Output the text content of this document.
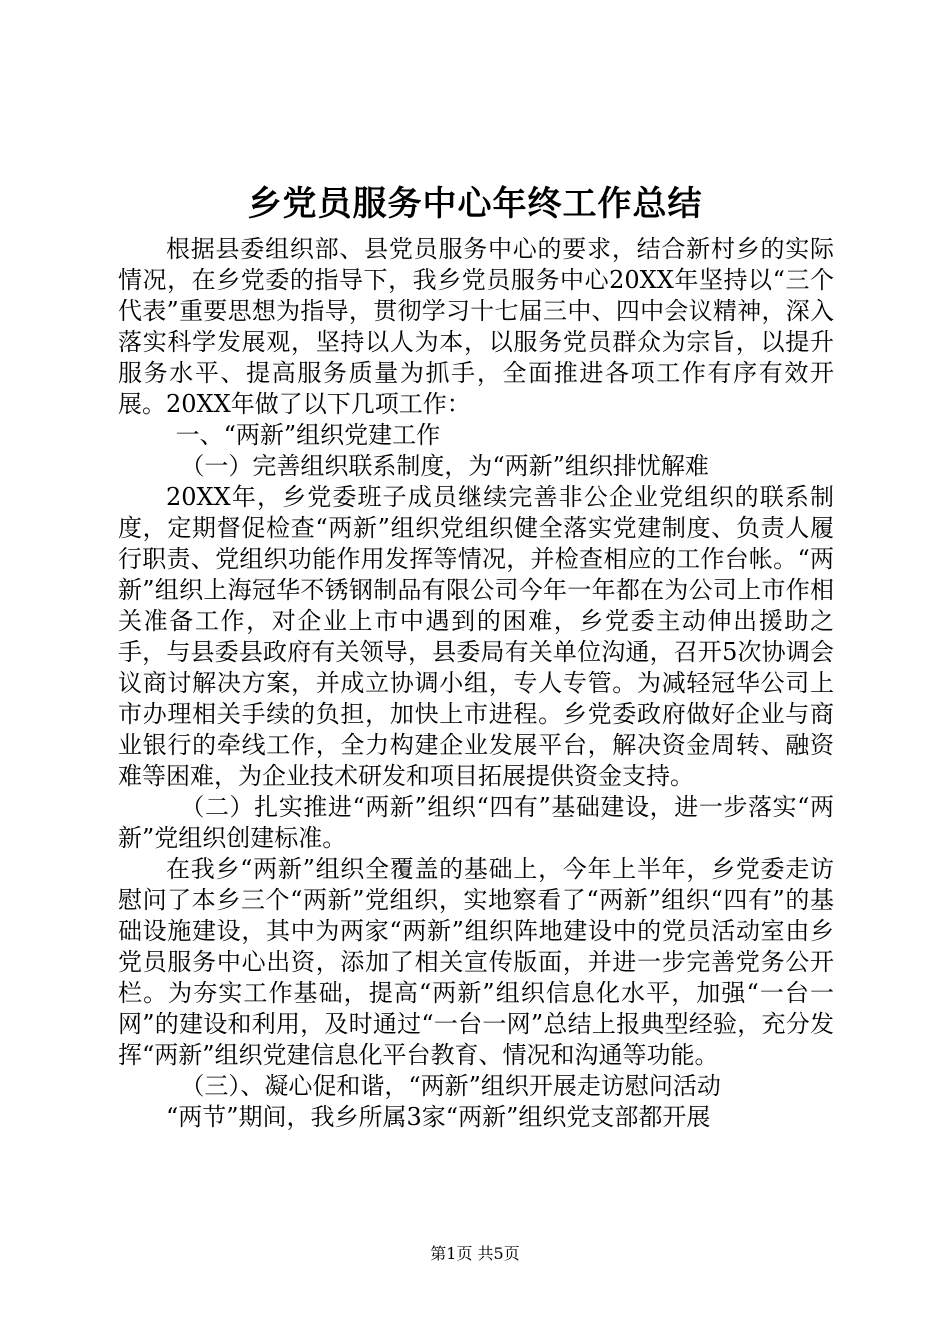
乡党员服务中心年终工作总结

根据县委组织部、县党员服务中心的要求，结合新村乡的实际情况，在乡党委的指导下，我乡党员服务中心20XX年坚持以“三个代表”重要思想为指导，贯彻学习十七届三中、四中会议精神，深入落实科学发展观，坚持以人为本，以服务党员群众为宗旨，以提升服务水平、提高服务质量为抓手，全面推进各项工作有序有效开展。20XX年做了以下几项工作：

一、“两新”组织党建工作

（一）完善组织联系制度，为“两新”组织排忧解难

20XX年，乡党委班子成员继续完善非公企业党组织的联系制度，定期督促检查“两新”组织党组织健全落实党建制度、负责人履行职责、党组织功能作用发挥等情况，并检查相应的工作台帐。“两新”组织上海冠华不锈钢制品有限公司今年一年都在为公司上市作相关准备工作，对企业上市中遇到的困难，乡党委主动伸出援助之手，与县委县政府有关领导，县委局有关单位沟通，召开5次协调会议商讨解决方案，并成立协调小组，专人专管。为减轻冠华公司上市办理相关手续的负担，加快上市进程。乡党委政府做好企业与商业银行的牵线工作，全力构建企业发展平台，解决资金周转、融资难等困难，为企业技术研发和项目拓展提供资金支持。

（二）扎实推进“两新”组织“四有”基础建设，进一步落实“两新”党组织创建标准。

在我乡“两新”组织全覆盖的基础上，今年上半年，乡党委走访慰问了本乡三个“两新”党组织，实地察看了“两新”组织“四有”的基础设施建设，其中为两家“两新”组织阵地建设中的党员活动室由乡党员服务中心出资，添加了相关宣传版面，并进一步完善党务公开栏。为夯实工作基础，提高“两新”组织信息化水平，加强“一台一网”的建设和利用，及时通过“一台一网”总结上报典型经验，充分发挥“两新”组织党建信息化平台教育、情况和沟通等功能。

（三）、凝心促和谐，“两新”组织开展走访慰问活动

“两节”期间，我乡所属3家“两新”组织党支部都开展

第1页 共5页
